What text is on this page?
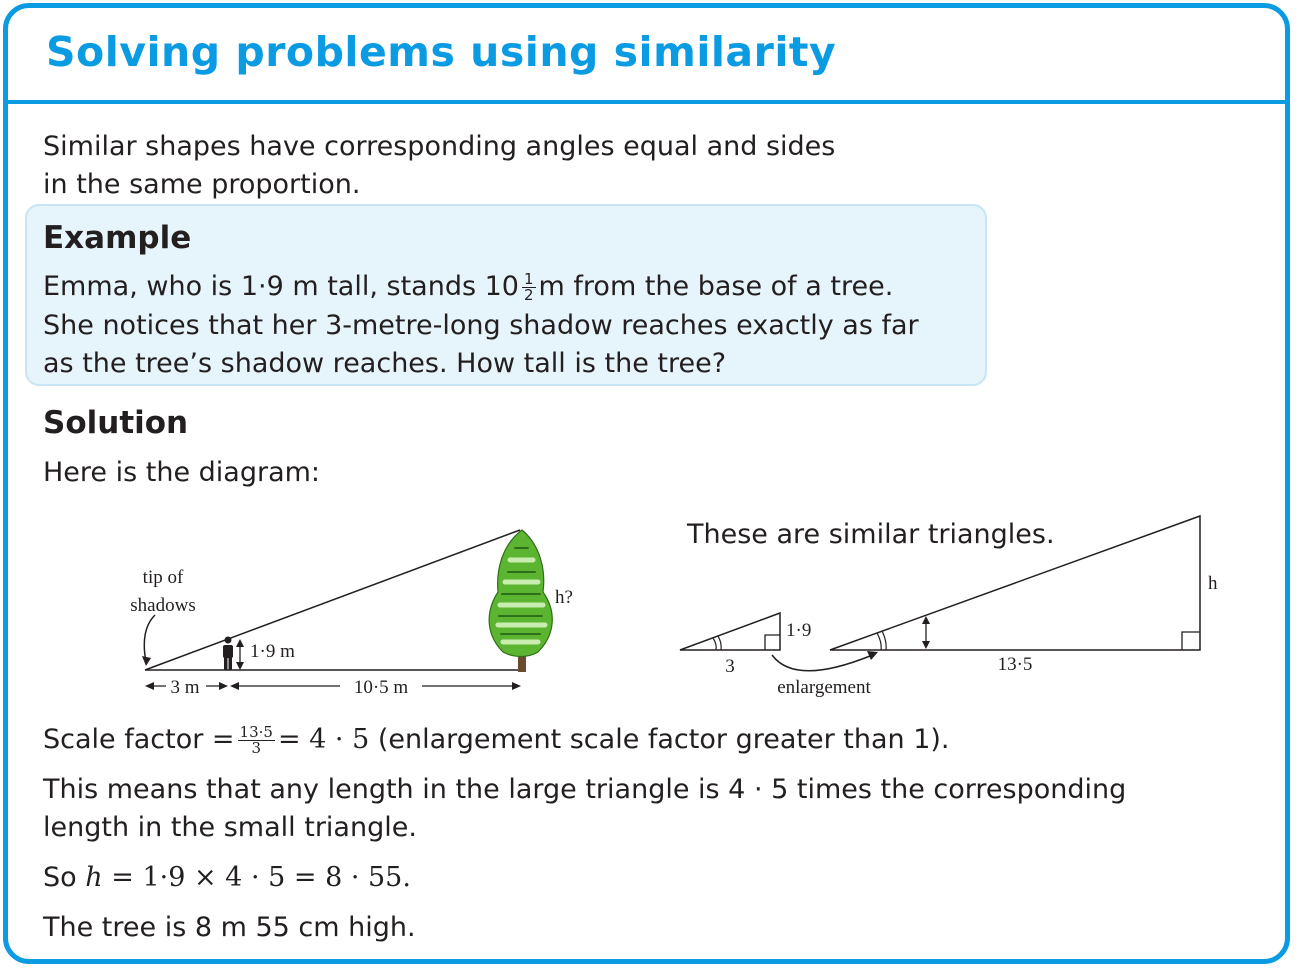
Solving problems using similarity

Similar shapes have corresponding angles equal and sides

in the same proportion.

Example

Emma, who is 1·9 m tall, stands $10 \frac{1}{2}$ m from the base of a tree.

She notices that her 3-metre-long shadow reaches exactly as far

as the tree’s shadow reaches. How tall is the tree?

Solution

Here is the diagram:

tip of
shadows
1·9 m
h?
3 m	10·5 m

These are similar triangles.

1·9
3
enlargement
13·5
h

Scale factor = $\frac{13\cdot 5}{3} = 4 \cdot 5$ (enlargement scale factor greater than 1).

This means that any length in the large triangle is 4 · 5 times the corresponding

length in the small triangle.

So h = 1·9 × 4 · 5 = 8 · 55.

The tree is 8 m 55 cm high.
